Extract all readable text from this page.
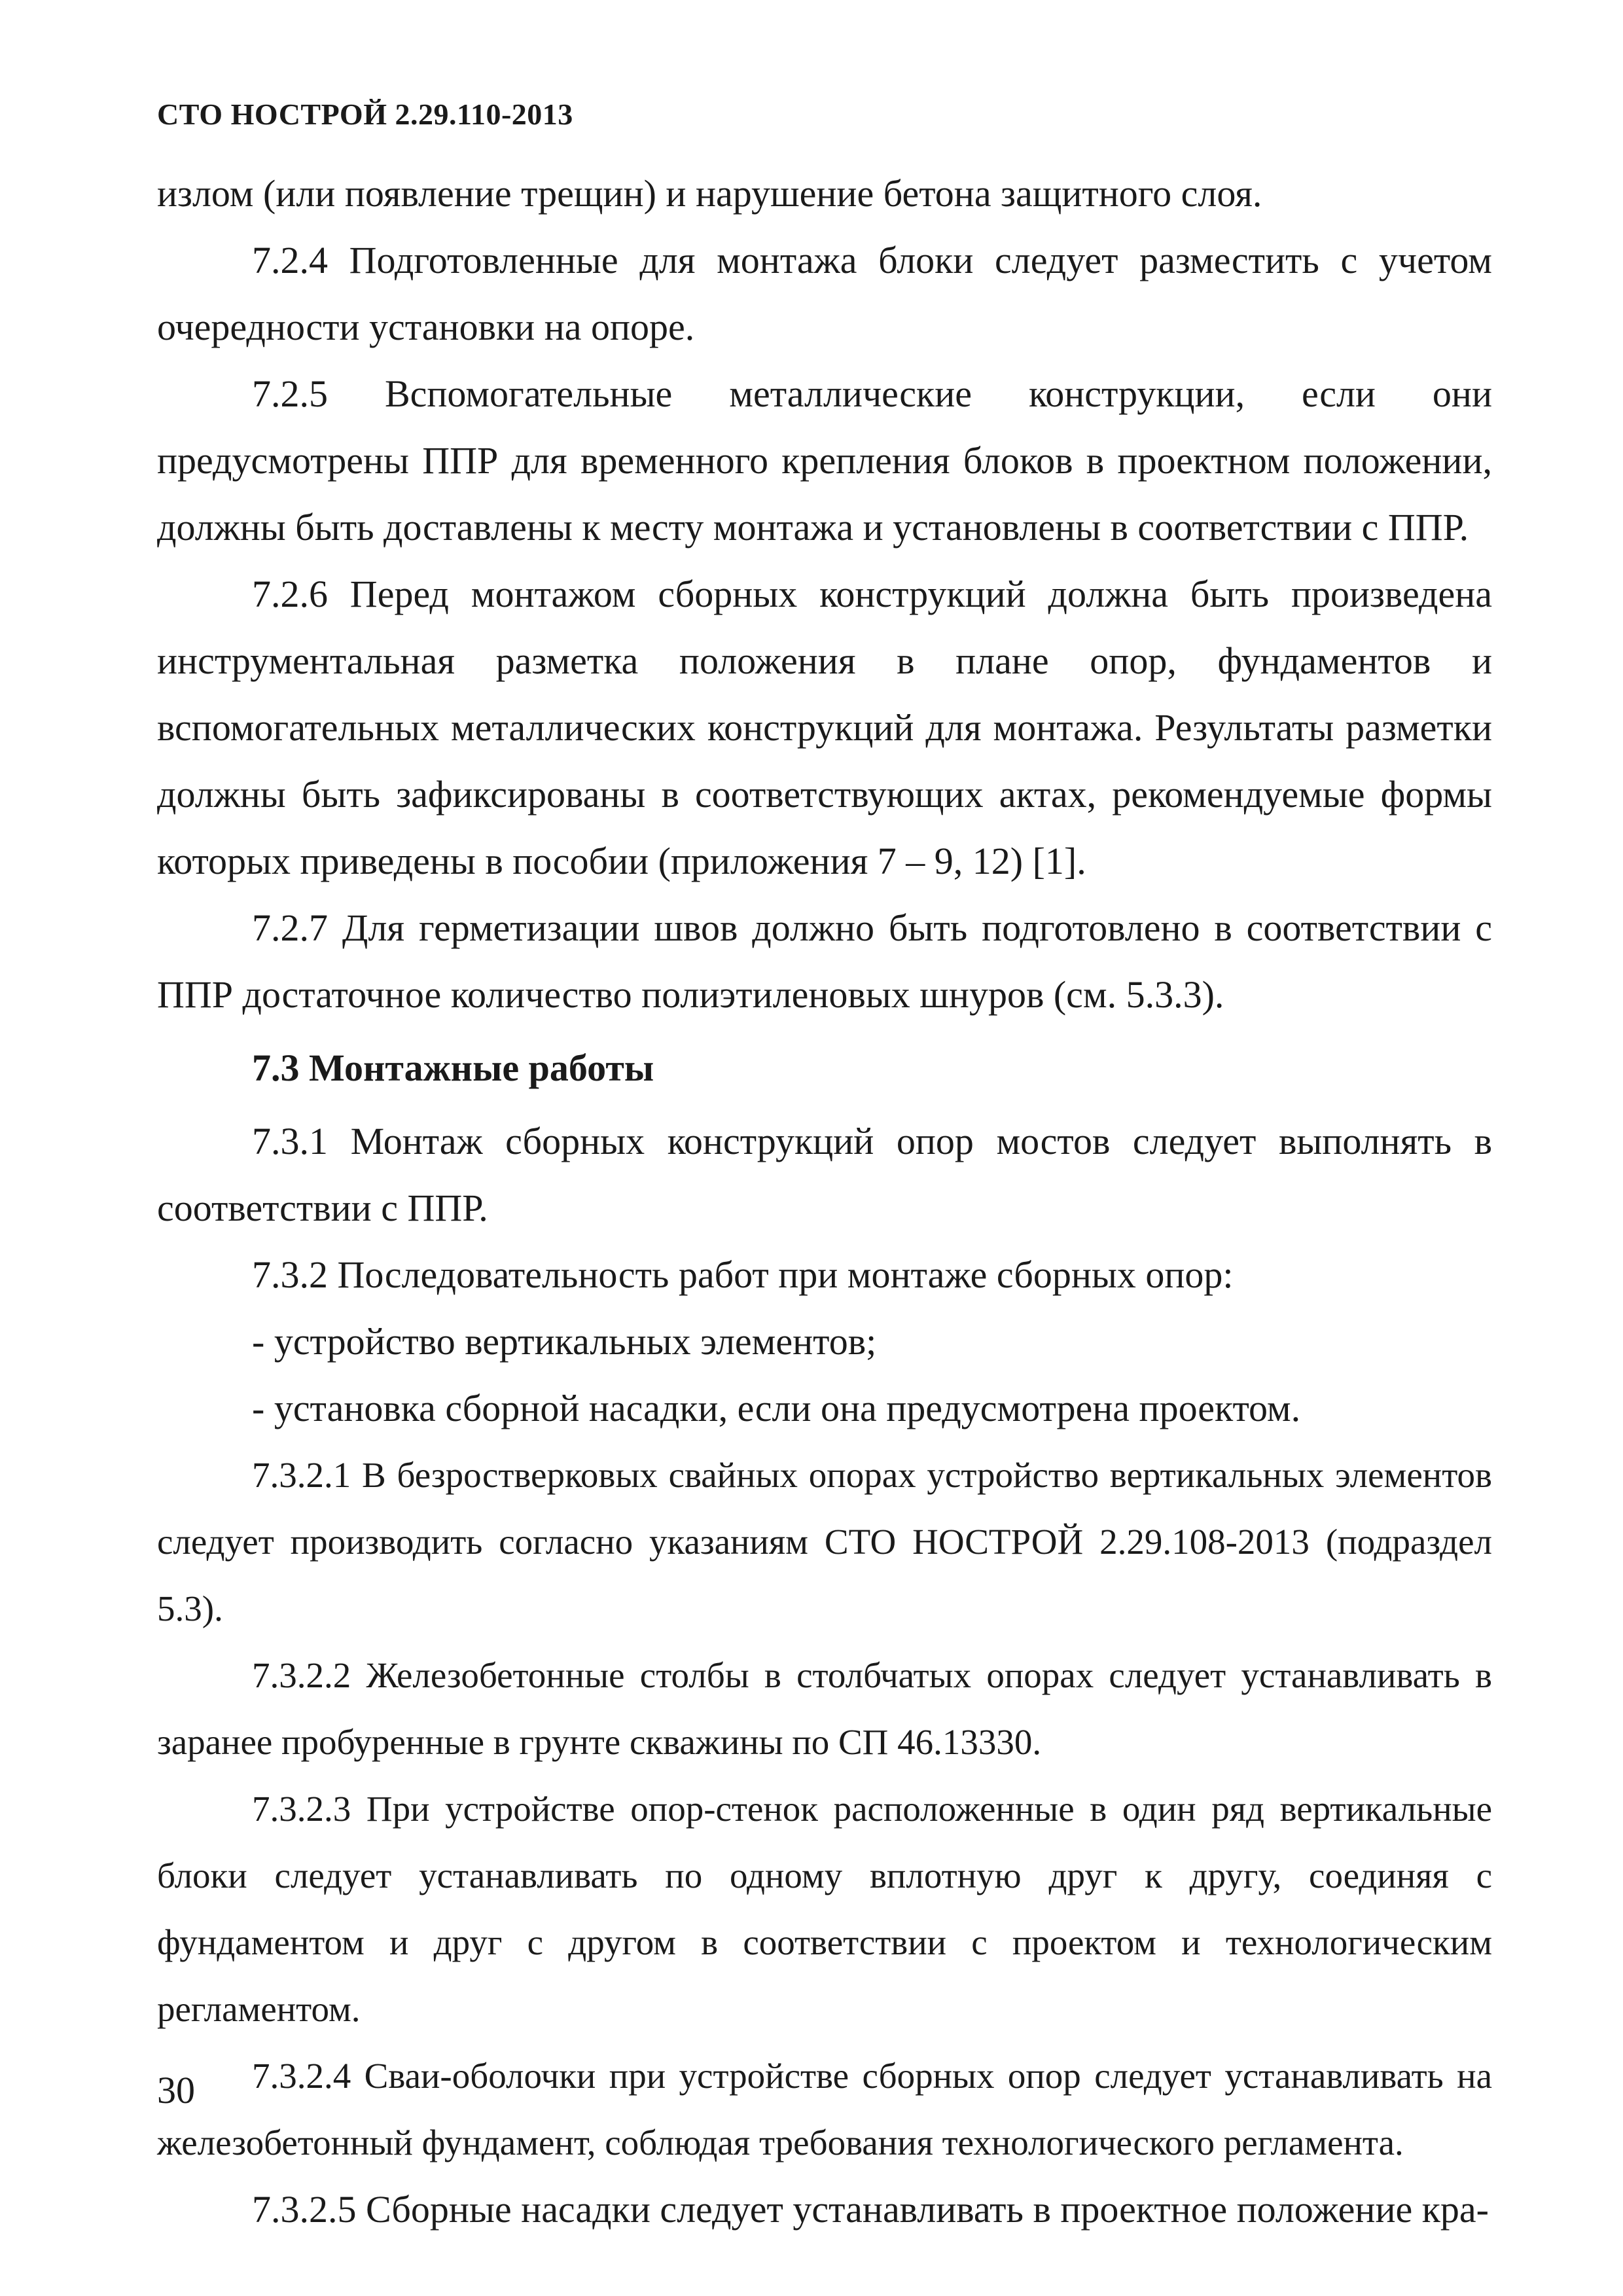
СТО НОСТРОЙ 2.29.110-2013

излом (или появление трещин) и нарушение бетона защитного слоя.

7.2.4 Подготовленные для монтажа блоки следует разместить с учетом очередности установки на опоре.

7.2.5 Вспомогательные металлические конструкции, если они предусмотрены ППР для временного крепления блоков в проектном положении, должны быть доставлены к месту монтажа и установлены в соответствии с ППР.

7.2.6 Перед монтажом сборных конструкций должна быть произведена инструментальная разметка положения в плане опор, фундаментов и вспомогательных металлических конструкций для монтажа. Результаты разметки должны быть зафиксированы в соответствующих актах, рекомендуемые формы которых приведены в пособии (приложения 7 – 9, 12) [1].

7.2.7 Для герметизации швов должно быть подготовлено в соответствии с ППР достаточное количество полиэтиленовых шнуров (см. 5.3.3).

7.3 Монтажные работы

7.3.1 Монтаж сборных конструкций опор мостов следует выполнять в соответствии с ППР.

7.3.2 Последовательность работ при монтаже сборных опор:

- устройство вертикальных элементов;

- установка сборной насадки, если она предусмотрена проектом.

7.3.2.1 В безростверковых свайных опорах устройство вертикальных элементов следует производить согласно указаниям СТО НОСТРОЙ 2.29.108-2013 (подраздел 5.3).

7.3.2.2 Железобетонные столбы в столбчатых опорах следует устанавливать в заранее пробуренные в грунте скважины по СП 46.13330.

7.3.2.3 При устройстве опор-стенок расположенные в один ряд вертикальные блоки следует устанавливать по одному вплотную друг к другу, соединяя с фундаментом и друг с другом в соответствии с проектом и технологическим регламентом.

7.3.2.4 Сваи-оболочки при устройстве сборных опор следует устанавливать на железобетонный фундамент, соблюдая требования технологического регламента.

7.3.2.5 Сборные насадки следует устанавливать в проектное положение кра-

30
